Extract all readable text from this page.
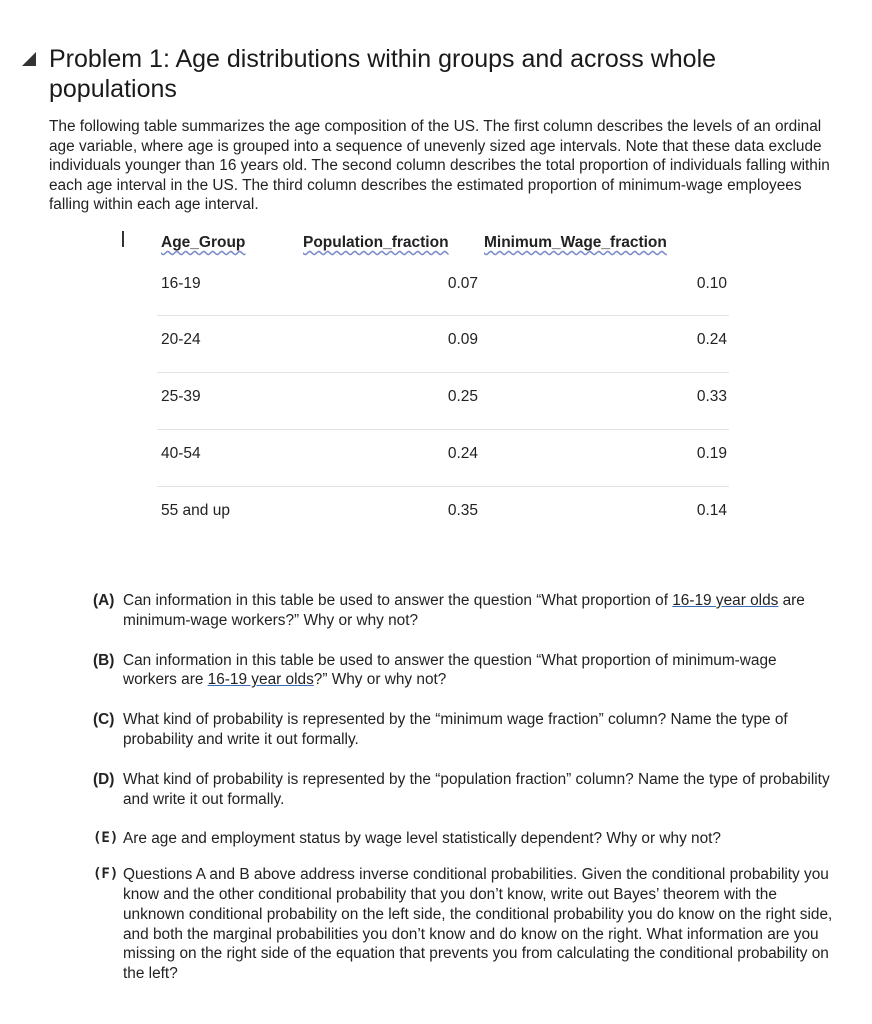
Problem 1: Age distributions within groups and across whole populations

The following table summarizes the age composition of the US. The first column describes the levels of an ordinal age variable, where age is grouped into a sequence of unevenly sized age intervals. Note that these data exclude individuals younger than 16 years old. The second column describes the total proportion of individuals falling within each age interval in the US. The third column describes the estimated proportion of minimum-wage employees falling within each age interval.

Age_Group	Population_fraction	Minimum_Wage_fraction
16-19	0.07	0.10
20-24	0.09	0.24
25-39	0.25	0.33
40-54	0.24	0.19
55 and up	0.35	0.14
(A) Can information in this table be used to answer the question “What proportion of 16-19 year olds are minimum-wage workers?” Why or why not?
(B) Can information in this table be used to answer the question “What proportion of minimum-wage workers are 16-19 year olds?” Why or why not?
(C) What kind of probability is represented by the “minimum wage fraction” column? Name the type of probability and write it out formally.
(D) What kind of probability is represented by the “population fraction” column? Name the type of probability and write it out formally.
(E) Are age and employment status by wage level statistically dependent? Why or why not?
(F) Questions A and B above address inverse conditional probabilities. Given the conditional probability you know and the other conditional probability that you don’t know, write out Bayes’ theorem with the unknown conditional probability on the left side, the conditional probability you do know on the right side, and both the marginal probabilities you don’t know and do know on the right. What information are you missing on the right side of the equation that prevents you from calculating the conditional probability on the left?
